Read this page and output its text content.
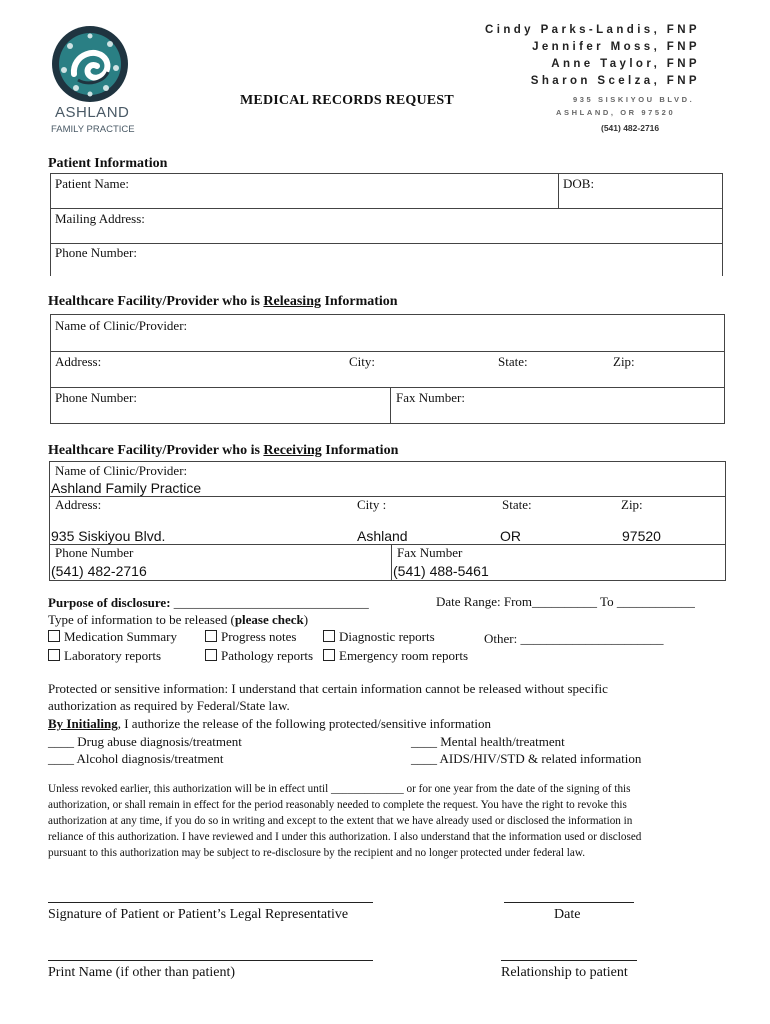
ASHLAND
FAMILY PRACTICE
Cindy Parks-Landis, FNP
Jennifer Moss, FNP
Anne Taylor, FNP
Sharon Scelza, FNP
935 SISKIYOU BLVD.
ASHLAND, OR 97520
(541) 482-2716
MEDICAL RECORDS REQUEST
Patient Information
Patient Name:	DOB:
Mailing Address:
Phone Number:
Healthcare Facility/Provider who is Releasing Information
Name of Clinic/Provider:
Address:	City:	State:	Zip:
Phone Number:	Fax Number:
Healthcare Facility/Provider who is Receiving Information
Name of Clinic/Provider:
Ashland Family Practice
Address:	City :	State:	Zip:
935 Siskiyou Blvd.	Ashland	OR	97520
Phone Number	Fax Number
(541) 482-2716	(541) 488-5461
Purpose of disclosure: ______________________________	Date Range: From__________ To ____________
Type of information to be released (please check)
Medication Summary	Progress notes	Diagnostic reports
Laboratory reports	Pathology reports	Emergency room reports
Other: ______________________
Protected or sensitive information: I understand that certain information cannot be released without specific
authorization as required by Federal/State law.
By Initialing, I authorize the release of the following protected/sensitive information
____ Drug abuse diagnosis/treatment
____ Alcohol diagnosis/treatment
____ Mental health/treatment
____ AIDS/HIV/STD & related information
Unless revoked earlier, this authorization will be in effect until _____________ or for one year from the date of the signing of this
authorization, or shall remain in effect for the period reasonably needed to complete the request. You have the right to revoke this
authorization at any time, if you do so in writing and except to the extent that we have already used or disclosed the information in
reliance of this authorization. I have reviewed and I under this authorization. I also understand that the information used or disclosed
pursuant to this authorization may be subject to re-disclosure by the recipient and no longer protected under federal law.
Signature of Patient or Patient’s Legal Representative	Date
Print Name (if other than patient)	Relationship to patient
